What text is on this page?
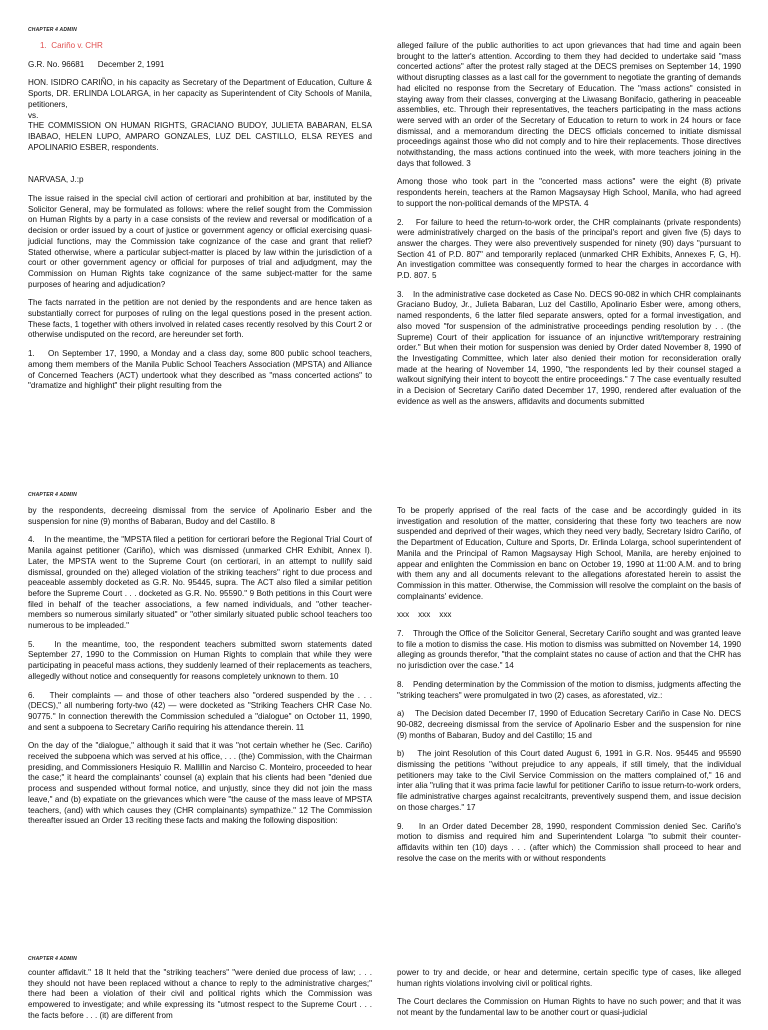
CHAPTER 4 ADMIN

1.  Cariño v. CHR

G.R. No. 96681      December 2, 1991

HON. ISIDRO CARIÑO, in his capacity as Secretary of the Department of Education, Culture & Sports, DR. ERLINDA LOLARGA, in her capacity as Superintendent of City Schools of Manila, petitioners,

vs.

THE COMMISSION ON HUMAN RIGHTS, GRACIANO BUDOY, JULIETA BABARAN, ELSA IBABAO, HELEN LUPO, AMPARO GONZALES, LUZ DEL CASTILLO, ELSA REYES and APOLINARIO ESBER, respondents.

NARVASA, J.:p

The issue raised in the special civil action of certiorari and prohibition at bar, instituted by the Solicitor General, may be formulated as follows: where the relief sought from the Commission on Human Rights by a party in a case consists of the review and reversal or modification of a decision or order issued by a court of justice or government agency or official exercising quasi-judicial functions, may the Commission take cognizance of the case and grant that relief? Stated otherwise, where a particular subject-matter is placed by law within the jurisdiction of a court or other government agency or official for purposes of trial and adjudgment, may the Commission on Human Rights take cognizance of the same subject-matter for the same purposes of hearing and adjudication?

The facts narrated in the petition are not denied by the respondents and are hence taken as substantially correct for purposes of ruling on the legal questions posed in the present action. These facts, 1 together with others involved in related cases recently resolved by this Court 2 or otherwise undisputed on the record, are hereunder set forth.

1.    On September 17, 1990, a Monday and a class day, some 800 public school teachers, among them members of the Manila Public School Teachers Association (MPSTA) and Alliance of Concerned Teachers (ACT) undertook what they described as "mass concerted actions" to "dramatize and highlight" their plight resulting from the

alleged failure of the public authorities to act upon grievances that had time and again been brought to the latter's attention. According to them they had decided to undertake said "mass concerted actions" after the protest rally staged at the DECS premises on September 14, 1990 without disrupting classes as a last call for the government to negotiate the granting of demands had elicited no response from the Secretary of Education. The "mass actions" consisted in staying away from their classes, converging at the Liwasang Bonifacio, gathering in peaceable assemblies, etc. Through their representatives, the teachers participating in the mass actions were served with an order of the Secretary of Education to return to work in 24 hours or face dismissal, and a memorandum directing the DECS officials concerned to initiate dismissal proceedings against those who did not comply and to hire their replacements. Those directives notwithstanding, the mass actions continued into the week, with more teachers joining in the days that followed. 3

Among those who took part in the "concerted mass actions" were the eight (8) private respondents herein, teachers at the Ramon Magsaysay High School, Manila, who had agreed to support the non-political demands of the MPSTA. 4

2.    For failure to heed the return-to-work order, the CHR complainants (private respondents) were administratively charged on the basis of the principal's report and given five (5) days to answer the charges. They were also preventively suspended for ninety (90) days "pursuant to Section 41 of P.D. 807" and temporarily replaced (unmarked CHR Exhibits, Annexes F, G, H). An investigation committee was consequently formed to hear the charges in accordance with P.D. 807. 5

3.    In the administrative case docketed as Case No. DECS 90-082 in which CHR complainants Graciano Budoy, Jr., Julieta Babaran, Luz del Castillo, Apolinario Esber were, among others, named respondents, 6 the latter filed separate answers, opted for a formal investigation, and also moved "for suspension of the administrative proceedings pending resolution by . . (the Supreme) Court of their application for issuance of an injunctive writ/temporary restraining order." But when their motion for suspension was denied by Order dated November 8, 1990 of the Investigating Committee, which later also denied their motion for reconsideration orally made at the hearing of November 14, 1990, "the respondents led by their counsel staged a walkout signifying their intent to boycott the entire proceedings." 7 The case eventually resulted in a Decision of Secretary Cariño dated December 17, 1990, rendered after evaluation of the evidence as well as the answers, affidavits and documents submitted

CHAPTER 4 ADMIN

by the respondents, decreeing dismissal from the service of Apolinario Esber and the suspension for nine (9) months of Babaran, Budoy and del Castillo. 8

4.    In the meantime, the "MPSTA filed a petition for certiorari before the Regional Trial Court of Manila against petitioner (Cariño), which was dismissed (unmarked CHR Exhibit, Annex I). Later, the MPSTA went to the Supreme Court (on certiorari, in an attempt to nullify said dismissal, grounded on the) alleged violation of the striking teachers" right to due process and peaceable assembly docketed as G.R. No. 95445, supra. The ACT also filed a similar petition before the Supreme Court . . . docketed as G.R. No. 95590." 9 Both petitions in this Court were filed in behalf of the teacher associations, a few named individuals, and "other teacher-members so numerous similarly situated" or "other similarly situated public school teachers too numerous to be impleaded."

5.    In the meantime, too, the respondent teachers submitted sworn statements dated September 27, 1990 to the Commission on Human Rights to complain that while they were participating in peaceful mass actions, they suddenly learned of their replacements as teachers, allegedly without notice and consequently for reasons completely unknown to them. 10

6.    Their complaints — and those of other teachers also "ordered suspended by the . . . (DECS)," all numbering forty-two (42) — were docketed as "Striking Teachers CHR Case No. 90775." In connection therewith the Commission scheduled a "dialogue" on October 11, 1990, and sent a subpoena to Secretary Cariño requiring his attendance therein. 11

On the day of the "dialogue," although it said that it was "not certain whether he (Sec. Cariño) received the subpoena which was served at his office, . . . (the) Commission, with the Chairman presiding, and Commissioners Hesiquio R. Mallillin and Narciso C. Monteiro, proceeded to hear the case;" it heard the complainants' counsel (a) explain that his clients had been "denied due process and suspended without formal notice, and unjustly, since they did not join the mass leave," and (b) expatiate on the grievances which were "the cause of the mass leave of MPSTA teachers, (and) with which causes they (CHR complainants) sympathize." 12 The Commission thereafter issued an Order 13 reciting these facts and making the following disposition:

To be properly apprised of the real facts of the case and be accordingly guided in its investigation and resolution of the matter, considering that these forty two teachers are now suspended and deprived of their wages, which they need very badly, Secretary Isidro Cariño, of the Department of Education, Culture and Sports, Dr. Erlinda Lolarga, school superintendent of Manila and the Principal of Ramon Magsaysay High School, Manila, are hereby enjoined to appear and enlighten the Commission en banc on October 19, 1990 at 11:00 A.M. and to bring with them any and all documents relevant to the allegations aforestated herein to assist the Commission in this matter. Otherwise, the Commission will resolve the complaint on the basis of complainants' evidence.

xxx    xxx    xxx

7.    Through the Office of the Solicitor General, Secretary Cariño sought and was granted leave to file a motion to dismiss the case. His motion to dismiss was submitted on November 14, 1990 alleging as grounds therefor, "that the complaint states no cause of action and that the CHR has no jurisdiction over the case." 14

8.    Pending determination by the Commission of the motion to dismiss, judgments affecting the "striking teachers" were promulgated in two (2) cases, as aforestated, viz.:

a)    The Decision dated December l7, 1990 of Education Secretary Cariño in Case No. DECS 90-082, decreeing dismissal from the service of Apolinario Esber and the suspension for nine (9) months of Babaran, Budoy and del Castillo; 15 and

b)    The joint Resolution of this Court dated August 6, 1991 in G.R. Nos. 95445 and 95590 dismissing the petitions "without prejudice to any appeals, if still timely, that the individual petitioners may take to the Civil Service Commission on the matters complained of," 16 and inter alia "ruling that it was prima facie lawful for petitioner Cariño to issue return-to-work orders, file administrative charges against recalcitrants, preventively suspend them, and issue decision on those charges." 17

9.    In an Order dated December 28, 1990, respondent Commission denied Sec. Cariño's motion to dismiss and required him and Superintendent Lolarga "to submit their counter-affidavits within ten (10) days . . . (after which) the Commission shall proceed to hear and resolve the case on the merits with or without respondents

CHAPTER 4 ADMIN

counter affidavit." 18 It held that the "striking teachers" "were denied due process of law; . . . they should not have been replaced without a chance to reply to the administrative charges;" there had been a violation of their civil and political rights which the Commission was empowered to investigate; and while expressing its "utmost respect to the Supreme Court . . . the facts before . . . (it) are different from

power to try and decide, or hear and determine, certain specific type of cases, like alleged human rights violations involving civil or political rights.

The Court declares the Commission on Human Rights to have no such power; and that it was not meant by the fundamental law to be another court or quasi-judicial
